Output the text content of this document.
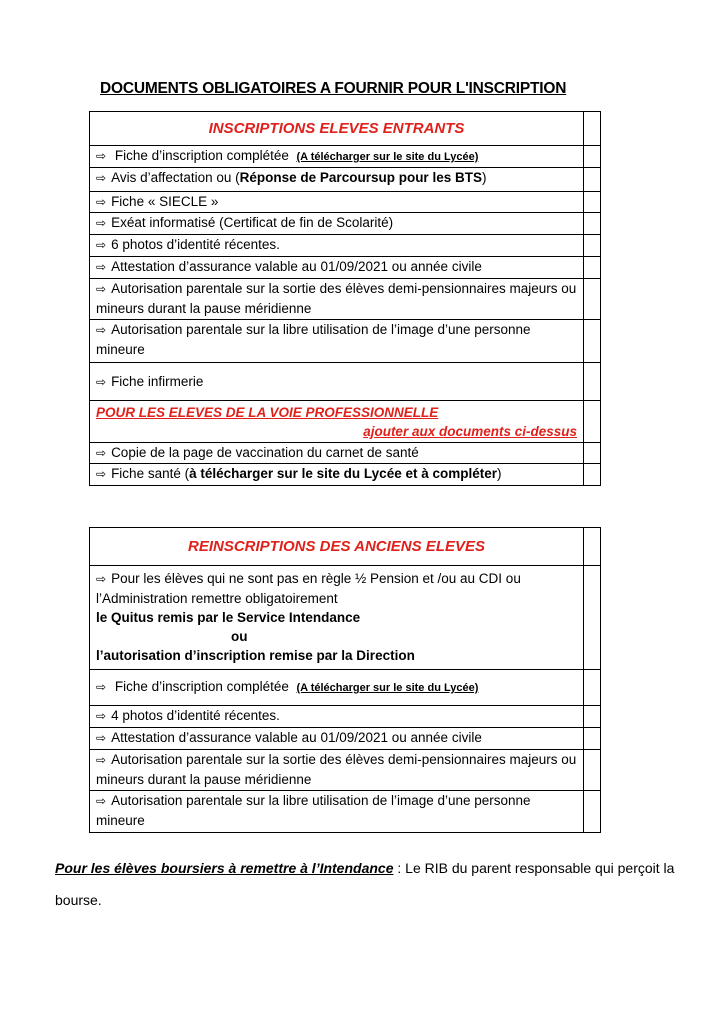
DOCUMENTS OBLIGATOIRES A FOURNIR POUR L'INSCRIPTION
INSCRIPTIONS ELEVES ENTRANTS	
⇨ Fiche d’inscription complétée (A télécharger sur le site du Lycée)	
⇨ Avis d’affectation ou (Réponse de Parcoursup pour les BTS)	
⇨ Fiche « SIECLE »	
⇨ Exéat informatisé (Certificat de fin de Scolarité)	
⇨ 6 photos d’identité récentes.	
⇨ Attestation d’assurance valable au 01/09/2021 ou année civile	
⇨ Autorisation parentale sur la sortie des élèves demi-pensionnaires majeurs ou mineurs durant la pause méridienne	
⇨ Autorisation parentale sur la libre utilisation de l’image d’une personne mineure	
⇨ Fiche infirmerie	

POUR LES ELEVES DE LA VOIE PROFESSIONNELLE
ajouter aux documents ci-dessus	

⇨ Copie de la page de vaccination du carnet de santé	
⇨ Fiche santé (à télécharger sur le site du Lycée et à compléter)	
REINSCRIPTIONS DES ANCIENS ELEVES	

⇨ Pour les élèves qui ne sont pas en règle ½ Pension et /ou au CDI ou l’Administration remettre obligatoirement
le Quitus remis par le Service Intendance
ou
l’autorisation d’inscription remise par la Direction	

⇨ Fiche d’inscription complétée (A télécharger sur le site du Lycée)	
⇨ 4 photos d’identité récentes.	
⇨ Attestation d’assurance valable au 01/09/2021 ou année civile	
⇨ Autorisation parentale sur la sortie des élèves demi-pensionnaires majeurs ou mineurs durant la pause méridienne	
⇨ Autorisation parentale sur la libre utilisation de l’image d’une personne mineure	
Pour les élèves boursiers à remettre à l’Intendance : Le RIB du parent responsable qui perçoit la bourse.
